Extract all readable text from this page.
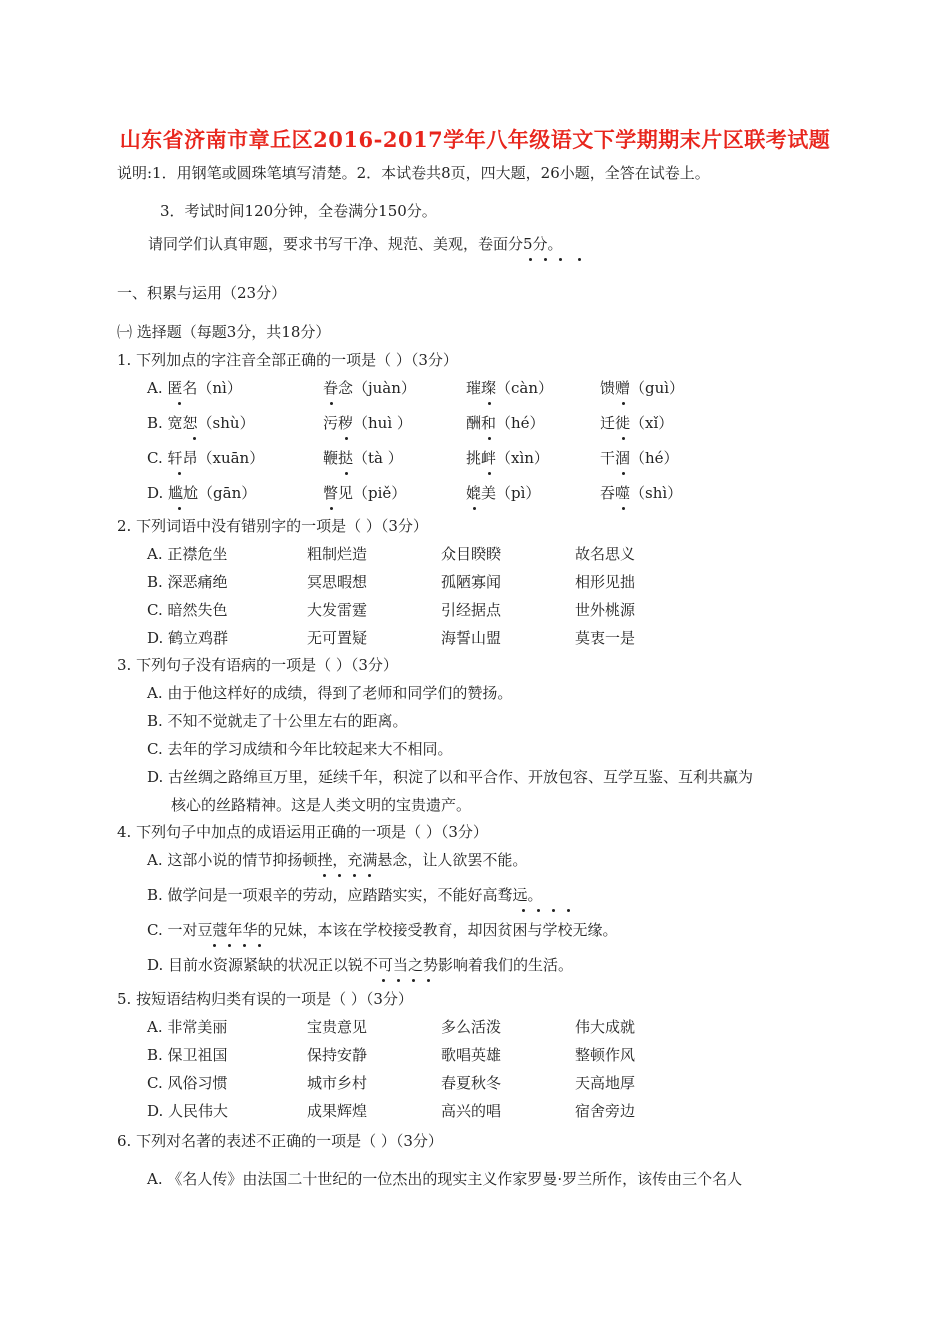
山东省济南市章丘区2016-2017学年八年级语文下学期期末片区联考试题
说明:1．用钢笔或圆珠笔填写清楚。2．本试卷共8页，四大题，26小题，全答在试卷上。
3．考试时间120分钟，全卷满分150分。
请同学们认真审题，要求书写干净、规范、美观，卷面分5分。
一、积累与运用（23分）
㈠ 选择题（每题3分，共18分）
1. 下列加点的字注音全部正确的一项是（ ）（3分）
A. 匿名（nì）	眷念（juàn）	璀璨（càn）	馈赠（guì）
B. 宽恕（shù）	污秽（huì ）	酬和（hé）	迁徙（xǐ）
C. 轩昂（xuān）	鞭挞（tà ）	挑衅（xìn）	干涸（hé）
D. 尴尬（gān）	瞥见（piě）	媲美（pì）	吞噬（shì）
2. 下列词语中没有错别字的一项是（ ）（3分）
A. 正襟危坐	粗制烂造	众目睽睽	故名思义
B. 深恶痛绝	冥思暇想	孤陋寡闻	相形见拙
C. 暗然失色	大发雷霆	引经据点	世外桃源
D. 鹤立鸡群	无可置疑	海誓山盟	莫衷一是
3. 下列句子没有语病的一项是（ ）（3分）
A. 由于他这样好的成绩，得到了老师和同学们的赞扬。
B. 不知不觉就走了十公里左右的距离。
C. 去年的学习成绩和今年比较起来大不相同。
D. 古丝绸之路绵亘万里，延续千年，积淀了以和平合作、开放包容、互学互鉴、互利共赢为
核心的丝路精神。这是人类文明的宝贵遗产。
4. 下列句子中加点的成语运用正确的一项是（ ）（3分）
A. 这部小说的情节抑扬顿挫，充满悬念，让人欲罢不能。
B. 做学问是一项艰辛的劳动，应踏踏实实，不能好高骛远。
C. 一对豆蔻年华的兄妹，本该在学校接受教育，却因贫困与学校无缘。
D. 目前水资源紧缺的状况正以锐不可当之势影响着我们的生活。
5. 按短语结构归类有误的一项是（ ）（3分）
A. 非常美丽	宝贵意见	多么活泼	伟大成就
B. 保卫祖国	保持安静	歌唱英雄	整顿作风
C. 风俗习惯	城市乡村	春夏秋冬	天高地厚
D. 人民伟大	成果辉煌	高兴的唱	宿舍旁边
6. 下列对名著的表述不正确的一项是（ ）（3分）
A. 《名人传》由法国二十世纪的一位杰出的现实主义作家罗曼·罗兰所作，该传由三个名人
